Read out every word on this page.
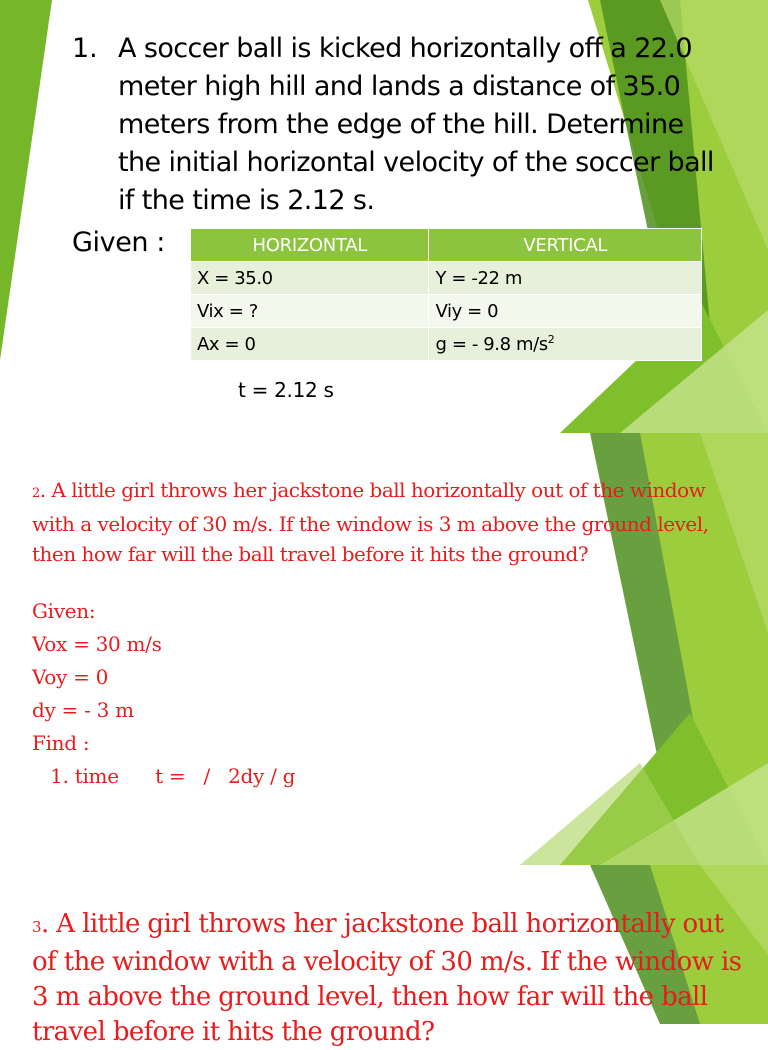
1. A soccer ball is kicked horizontally off a 22.0 meter high hill and lands a distance of 35.0 meters from the edge of the hill. Determine the initial horizontal velocity of the soccer ball if the time is 2.12 s.
Given :	HORIZONTAL	VERTICAL
X = 35.0	Y = -22 m
Vix = ?	Viy = 0
Ax = 0	g = - 9.8 $m/s^2$
t = 2.12 s
2. A little girl throws her jackstone ball horizontally out of the window with a velocity of 30 m/s. If the window is 3 m above the ground level, then how far will the ball travel before it hits the ground?
Given:
Vox = 30 m/s
Voy = 0
dy = - 3 m
Find :
1. time      t =   /   2dy / g
3. A little girl throws her jackstone ball horizontally out of the window with a velocity of 30 m/s. If the window is 3 m above the ground level, then how far will the ball travel before it hits the ground?
